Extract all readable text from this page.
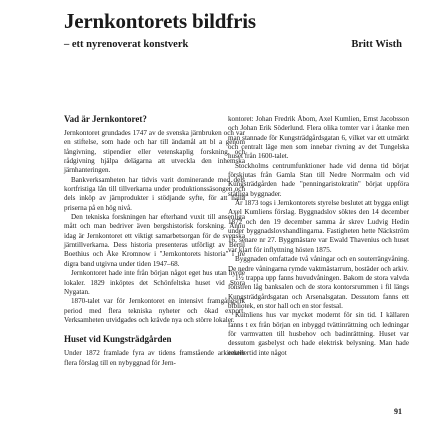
Jernkontorets bildfris
– ett nyrenoverat konstverk	Britt Wisth
Vad är Jernkontoret?

Jernkontoret grundades 1747 av de svenska järnbruken och var en stiftelse, som hade och har till ändamål att bl a genom långivning, stipendier eller vetenskaplig forskning och rådgivning hjälpa delägarna att utveckla den inhemska järnhanteringen.

Bankverksamheten har tidvis varit dominerande med dels kortfristiga lån till tillverkarna under produktionssäsongen och dels inköp av järnprodukter i stödjande syfte, för att hålla priserna på en hög nivå.

Den tekniska forskningen har efterhand vuxit till ansenliga mått och man bedriver även bergshistorisk forskning. Ännu idag är Jernkontoret ett viktigt samarbetsorgan för de svenska järntillverkarna. Dess historia presenteras utförligt av Bertil Boethius och Åke Kromnow i "Jernkontorets historia" i tre digra band utgivna under tiden 1947–68.

Jernkontoret hade inte från början något eget hus utan hyrde lokaler. 1829 inköptes det Schönfeltska huset vid Stora Nygatan.

1870-talet var för Jernkontoret en intensivt framgångsrik period med flera tekniska nyheter och ökad export. Verksamheten utvidgades och krävde nya och större lokaler.

Huset vid Kungsträdgården

Under 1872 framlade fyra av tidens framstående arkitekter flera förslag till en nybyggnad för Jern-

kontoret: Johan Fredrik Åbom, Axel Kumlien, Ernst Jacobsson och Johan Erik Söderlund. Flera olika tomter var i åtanke men man stannade för Kungsträdgårdsgatan 6, vilket var ett utmärkt och centralt läge men som innebar rivning av det Tungelska huset från 1600-talet.

Stockholms centrumfunktioner hade vid denna tid börjat förskjutas från Gamla Stan till Nedre Norrmalm och vid Kungsträdgården hade "penningaristokratin" börjat uppföra ståtliga byggnader.

År 1873 togs i Jernkontorets styrelse beslutet att bygga enligt Axel Kumliens förslag. Byggnadslov söktes den 14 december 1872 och den 19 december samma år skrev Ludvig Hedin under byggnadslovshandlingarna. Fastigheten hette Näckström 16, senare nr 27. Byggmästare var Ewald Thavenius och huset var klart för inflyttning hösten 1875.

Byggnaden omfattade två våningar och en souterrängvåning. De nedre våningarna rymde vaktmästarrum, bostäder och arkiv.

1½ trappa upp fanns huvudvåningen. Bakom de stora valvda fönstren låg banksalen och de stora kontorsrummen i fil längs Kungsträdgårdsgatan och Arsenalsgatan. Dessutom fanns ett bibliotek, en stor hall och en stor festsal.

Kumliens hus var mycket modernt för sin tid. I källaren fanns t ex från början en inbyggd tvättinrättning och ledningar för varmvatten till husbehov och badinrättning. Huset var dessutom gasbelyst och hade elektrisk belysning. Man hade emellertid inte något

91
